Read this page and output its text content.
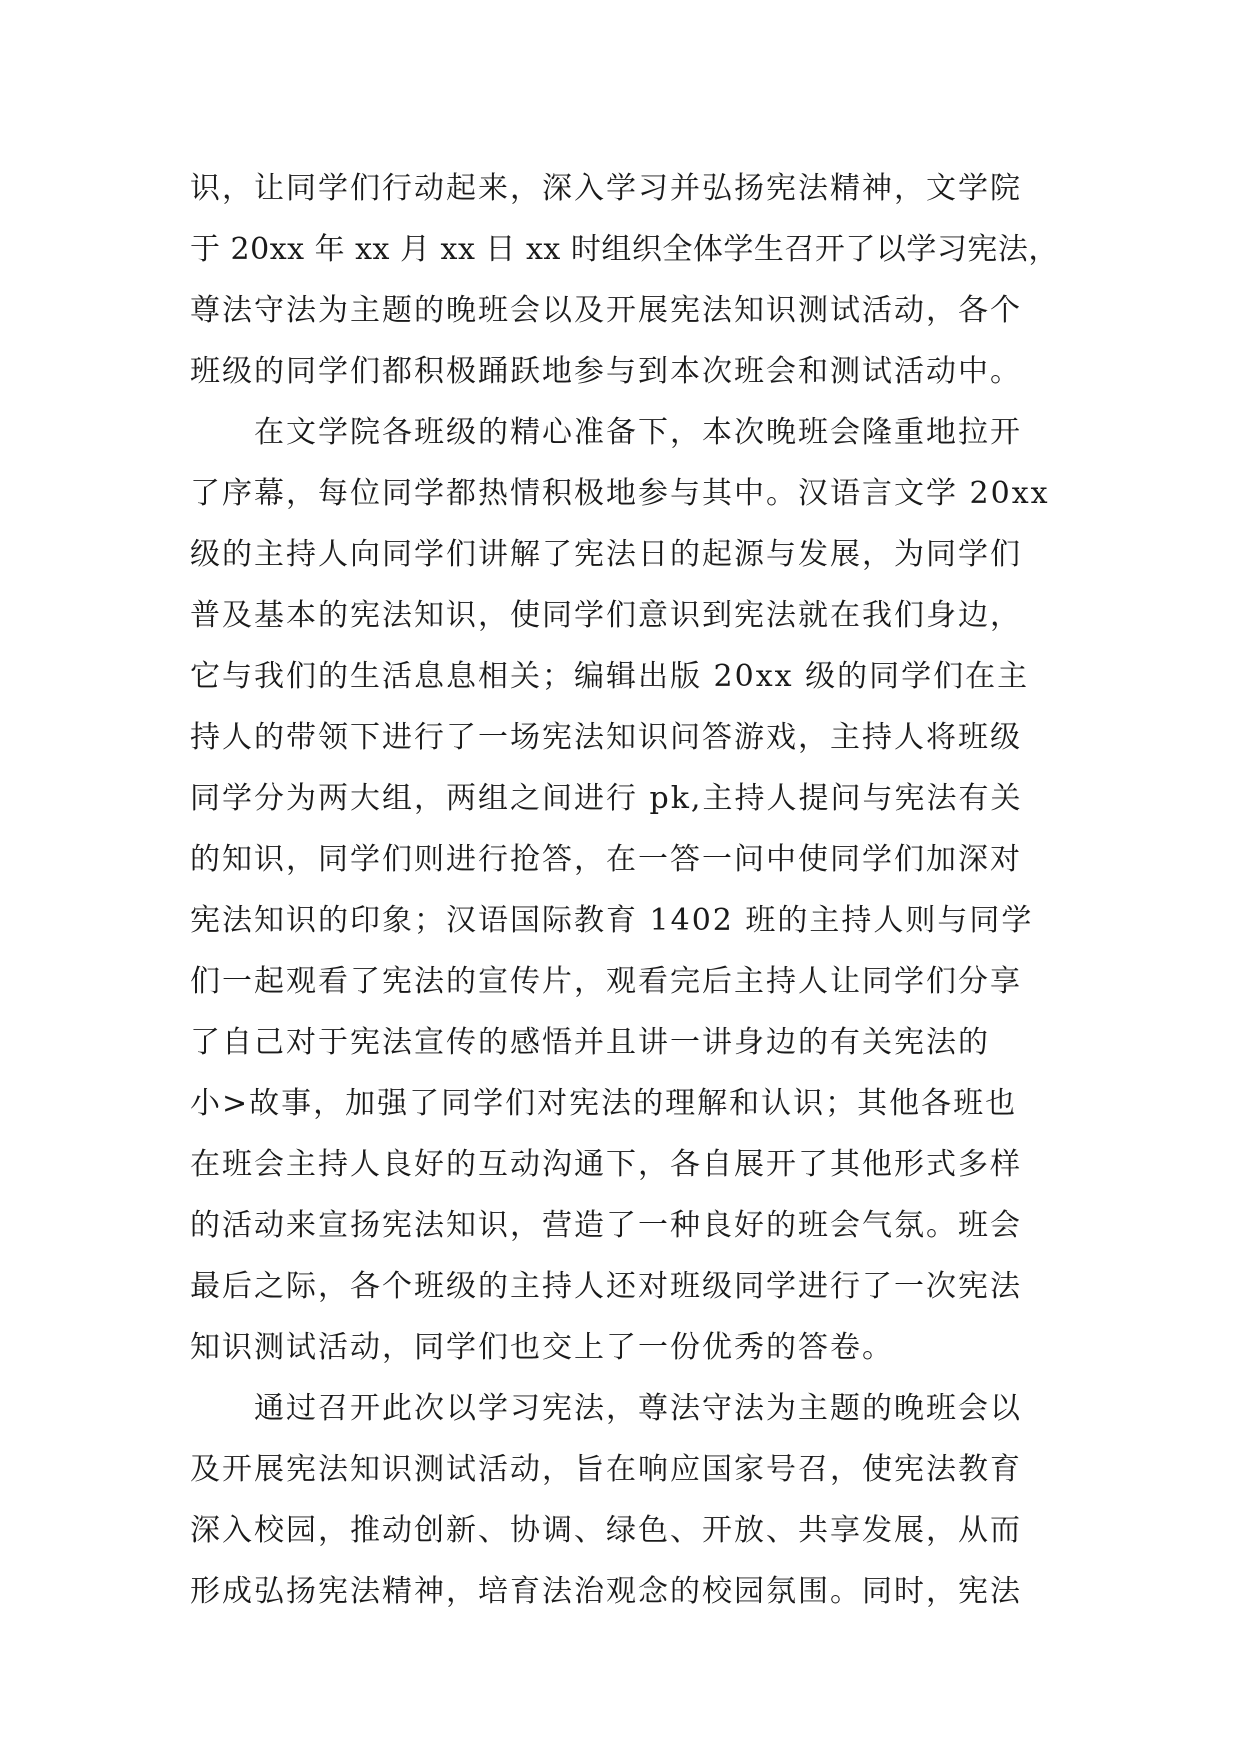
识，让同学们行动起来，深入学习并弘扬宪法精神，文学院
于 20xx 年 xx 月 xx 日 xx 时组织全体学生召开了以学习宪法，
尊法守法为主题的晚班会以及开展宪法知识测试活动，各个
班级的同学们都积极踊跃地参与到本次班会和测试活动中。
在文学院各班级的精心准备下，本次晚班会隆重地拉开
了序幕，每位同学都热情积极地参与其中。汉语言文学 20xx
级的主持人向同学们讲解了宪法日的起源与发展，为同学们
普及基本的宪法知识，使同学们意识到宪法就在我们身边，
它与我们的生活息息相关；编辑出版 20xx 级的同学们在主
持人的带领下进行了一场宪法知识问答游戏，主持人将班级
同学分为两大组，两组之间进行 pk,主持人提问与宪法有关
的知识，同学们则进行抢答，在一答一问中使同学们加深对
宪法知识的印象；汉语国际教育 1402 班的主持人则与同学
们一起观看了宪法的宣传片，观看完后主持人让同学们分享
了自己对于宪法宣传的感悟并且讲一讲身边的有关宪法的
小>故事，加强了同学们对宪法的理解和认识；其他各班也
在班会主持人良好的互动沟通下，各自展开了其他形式多样
的活动来宣扬宪法知识，营造了一种良好的班会气氛。班会
最后之际，各个班级的主持人还对班级同学进行了一次宪法
知识测试活动，同学们也交上了一份优秀的答卷。
通过召开此次以学习宪法，尊法守法为主题的晚班会以
及开展宪法知识测试活动，旨在响应国家号召，使宪法教育
深入校园，推动创新、协调、绿色、开放、共享发展，从而
形成弘扬宪法精神，培育法治观念的校园氛围。同时，宪法
